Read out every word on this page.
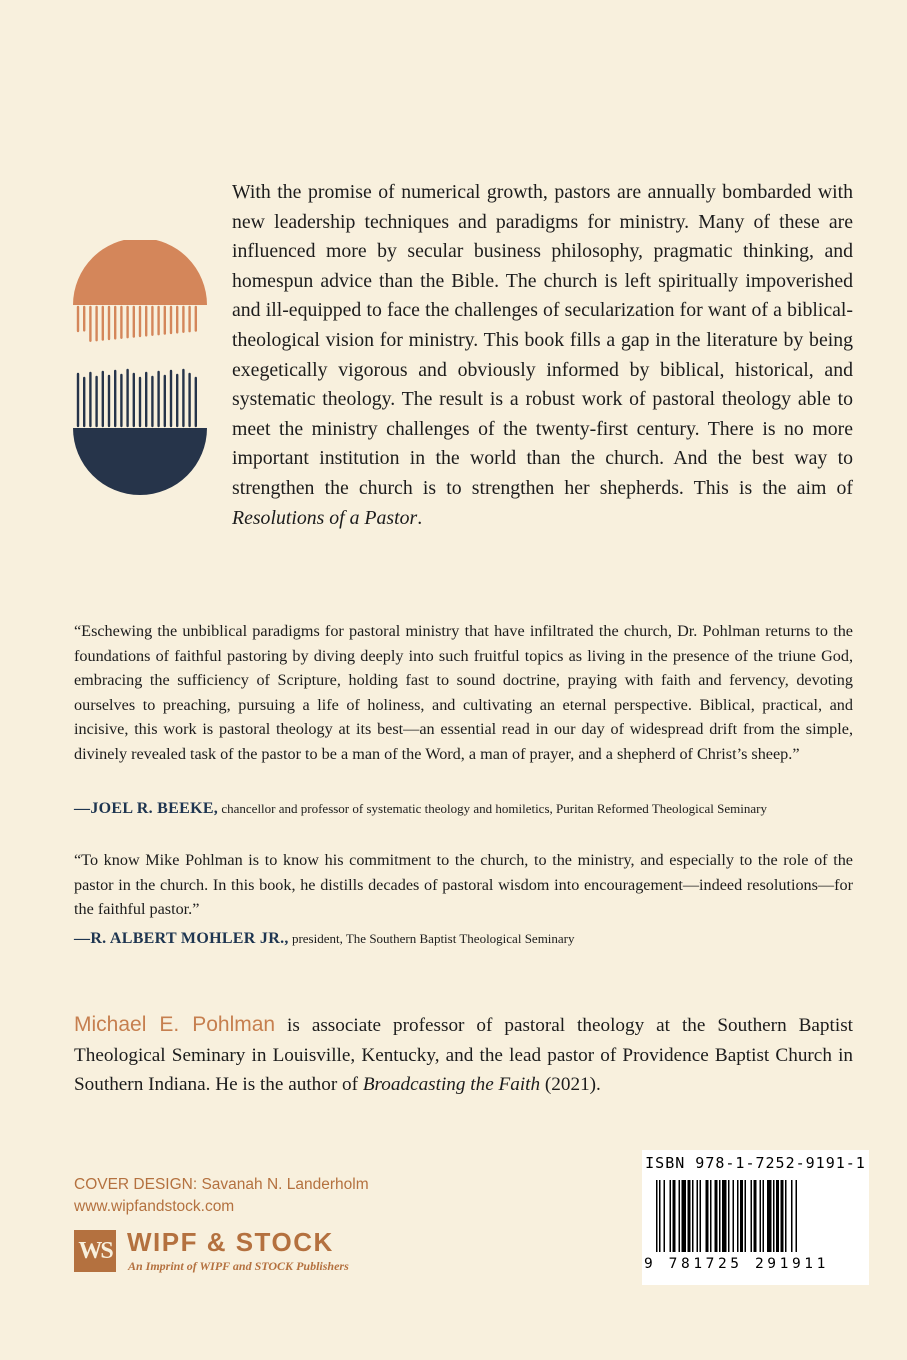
With the promise of numerical growth, pastors are annually bombarded with new leadership techniques and paradigms for ministry. Many of these are influenced more by secular business philosophy, pragmatic thinking, and homespun advice than the Bible. The church is left spiritually impoverished and ill-equipped to face the challenges of secularization for want of a biblical-theological vision for ministry. This book fills a gap in the literature by being exegetically vigorous and obviously informed by biblical, historical, and systematic theology. The result is a robust work of pastoral theology able to meet the ministry challenges of the twenty-first century. There is no more important institution in the world than the church. And the best way to strengthen the church is to strengthen her shepherds. This is the aim of Resolutions of a Pastor.

“Eschewing the unbiblical paradigms for pastoral ministry that have infiltrated the church, Dr. Pohlman returns to the foundations of faithful pastoring by diving deeply into such fruitful topics as living in the presence of the triune God, embracing the sufficiency of Scripture, holding fast to sound doctrine, praying with faith and fervency, devoting ourselves to preaching, pursuing a life of holiness, and cultivating an eternal perspective. Biblical, practical, and incisive, this work is pastoral theology at its best—an essential read in our day of widespread drift from the simple, divinely revealed task of the pastor to be a man of the Word, a man of prayer, and a shepherd of Christ’s sheep.”

—JOEL R. BEEKE, chancellor and professor of systematic theology and homiletics, Puritan Reformed Theological Seminary

“To know Mike Pohlman is to know his commitment to the church, to the ministry, and especially to the role of the pastor in the church. In this book, he distills decades of pastoral wisdom into encouragement—indeed resolutions—for the faithful pastor.”

—R. ALBERT MOHLER JR., president, The Southern Baptist Theological Seminary

Michael E. Pohlman is associate professor of pastoral theology at the Southern Baptist Theological Seminary in Louisville, Kentucky, and the lead pastor of Providence Baptist Church in Southern Indiana. He is the author of Broadcasting the Faith (2021).

COVER DESIGN: Savanah N. Landerholm
www.wipfandstock.com
WS WIPF & STOCK
An Imprint of WIPF and STOCK Publishers
ISBN 978-1-7252-9191-1
9 781725 291911
